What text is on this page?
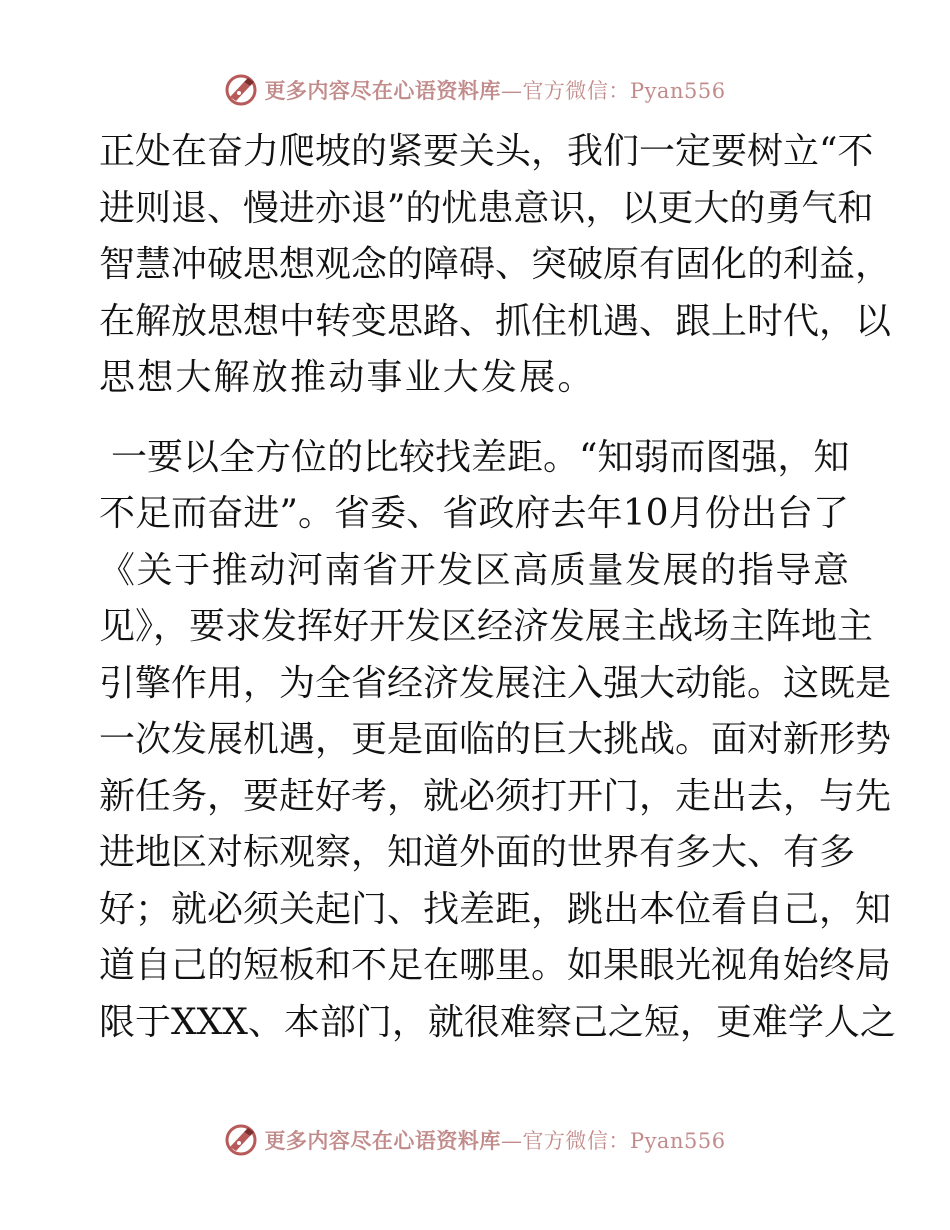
更多内容尽在心语资料库—官方微信：Pyan556
正处在奋力爬坡的紧要关头，我们一定要树立“不
进则退、慢进亦退”的忧患意识，以更大的勇气和
智慧冲破思想观念的障碍、突破原有固化的利益，
在解放思想中转变思路、抓住机遇、跟上时代，以
思想大解放推动事业大发展。
一要以全方位的比较找差距。“知弱而图强，知
不足而奋进”。省委、省政府去年10月份出台了
《关于推动河南省开发区高质量发展的指导意
见》，要求发挥好开发区经济发展主战场主阵地主
引擎作用，为全省经济发展注入强大动能。这既是
一次发展机遇，更是面临的巨大挑战。面对新形势
新任务，要赶好考，就必须打开门，走出去，与先
进地区对标观察，知道外面的世界有多大、有多
好；就必须关起门、找差距，跳出本位看自己，知
道自己的短板和不足在哪里。如果眼光视角始终局
限于XXX、本部门，就很难察己之短，更难学人之
更多内容尽在心语资料库—官方微信：Pyan556
